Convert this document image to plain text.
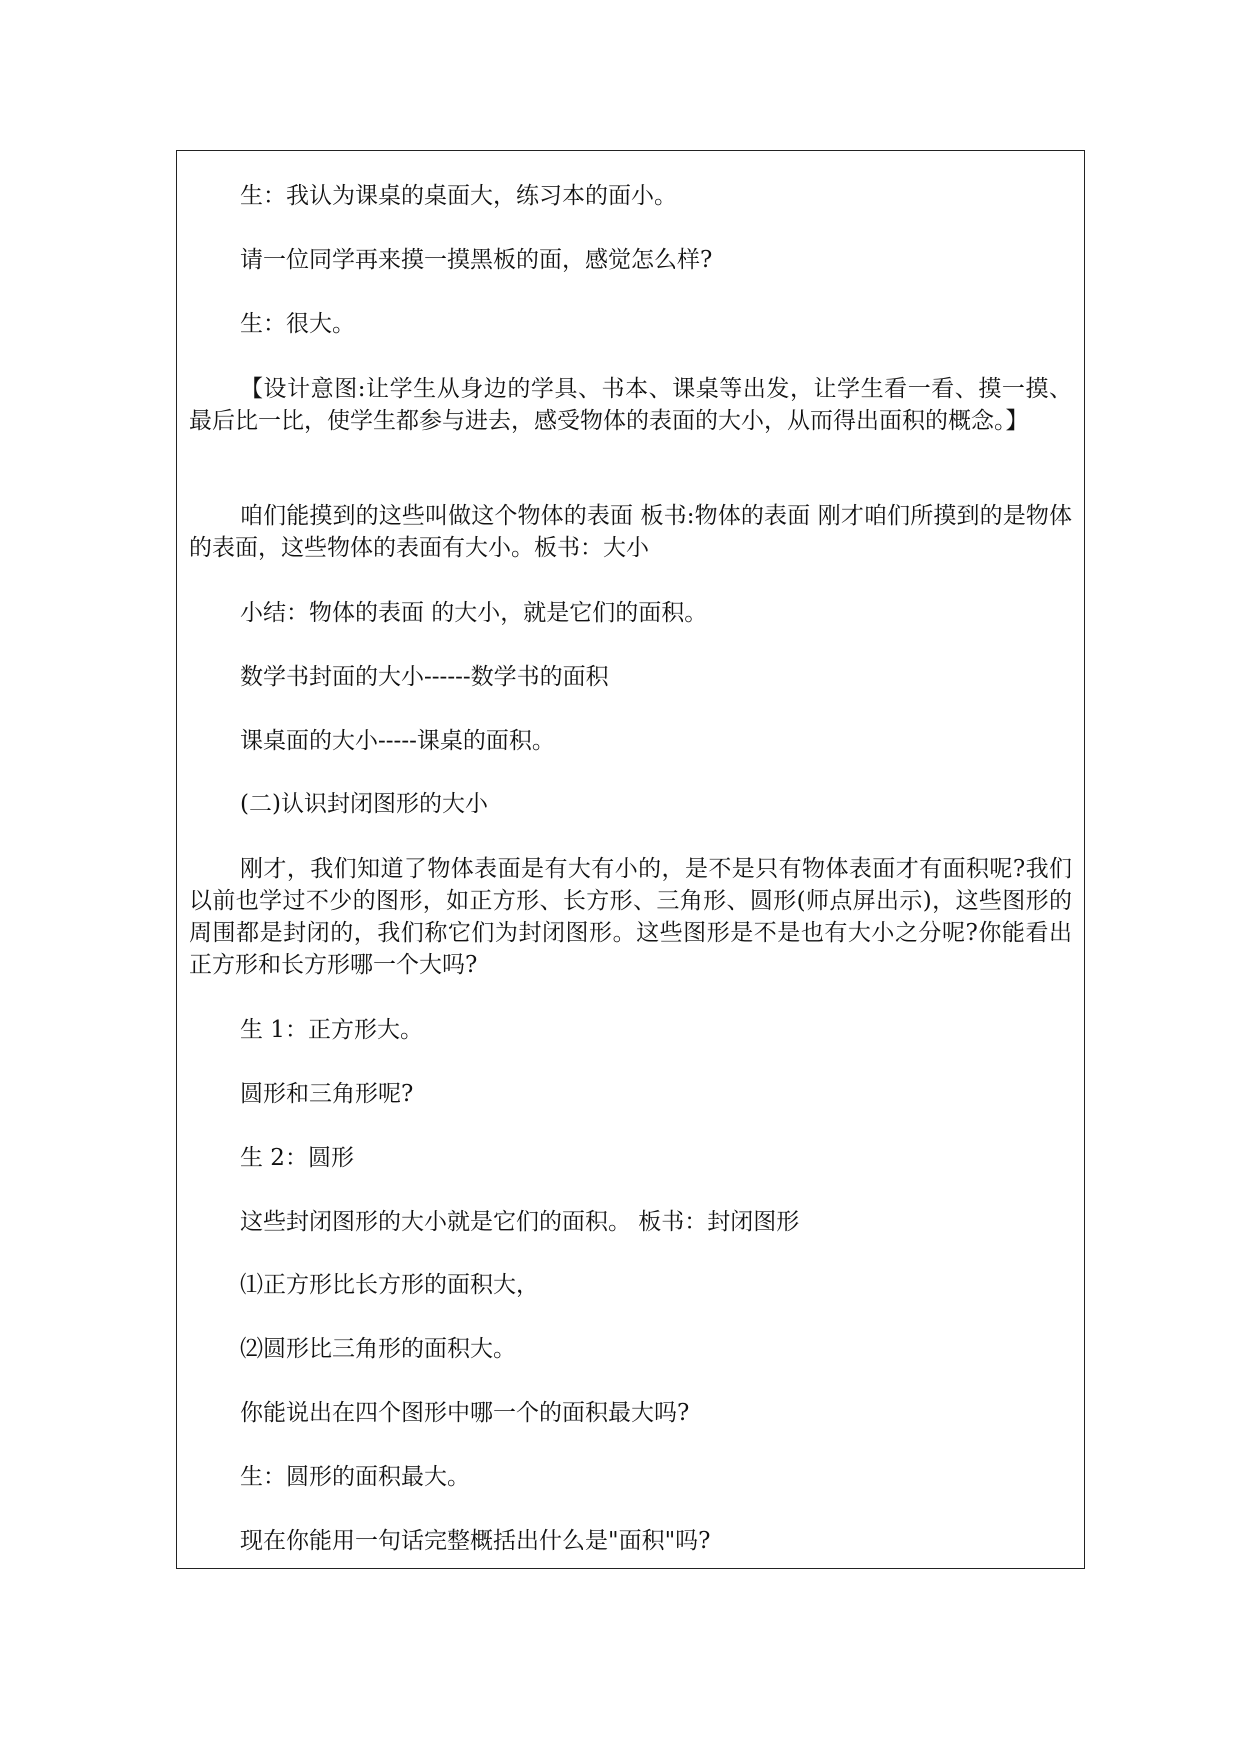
生：我认为课桌的桌面大，练习本的面小。

请一位同学再来摸一摸黑板的面，感觉怎么样?

生：很大。

【设计意图:让学生从身边的学具、书本、课桌等出发，让学生看一看、摸一摸、最后比一比，使学生都参与进去，感受物体的表面的大小，从而得出面积的概念。】

咱们能摸到的这些叫做这个物体的表面 板书:物体的表面 刚才咱们所摸到的是物体的表面，这些物体的表面有大小。板书：大小

小结：物体的表面 的大小，就是它们的面积。

数学书封面的大小------数学书的面积

课桌面的大小-----课桌的面积。

(二)认识封闭图形的大小

刚才，我们知道了物体表面是有大有小的，是不是只有物体表面才有面积呢?我们以前也学过不少的图形，如正方形、长方形、三角形、圆形(师点屏出示)，这些图形的周围都是封闭的，我们称它们为封闭图形。这些图形是不是也有大小之分呢?你能看出正方形和长方形哪一个大吗?

生 1：正方形大。

圆形和三角形呢?

生 2：圆形

这些封闭图形的大小就是它们的面积。 板书：封闭图形

⑴正方形比长方形的面积大，

⑵圆形比三角形的面积大。

你能说出在四个图形中哪一个的面积最大吗?

生：圆形的面积最大。

现在你能用一句话完整概括出什么是"面积"吗?
